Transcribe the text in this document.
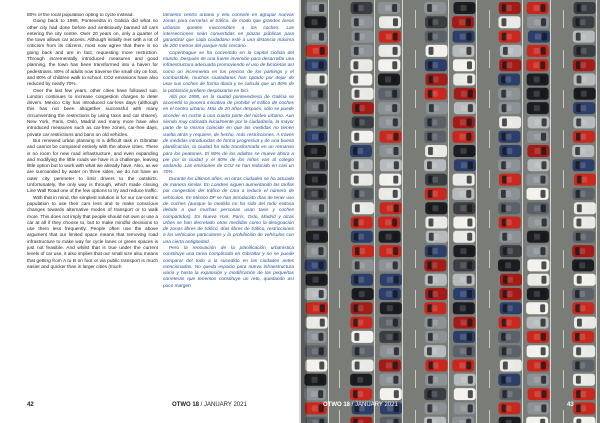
80% of the local population opting to cycle instead.

Going back to 1998, Pontevedra in Galicia did what no other city had done before and ambitiously banned all cars entering the city centre. Over 20 years on, only a quarter of the town allows car access. Although initially met with a lot of criticism from its citizens, most now agree that there is no going back and are in fact, requesting more restriction. Through incrementally introduced measures and good planning, the town has been transformed into a haven for pedestrians. 80% of adults now traverse the small city on foot, and 80% of children walk to school. CO2 emissions have also reduced by nearly 70%.

Over the last few years, other cities have followed suit. London continues to increase congestion charges to deter drivers. Mexico City has introduced car-less days (although this has not been altogether successful with many circumventing the restrictions by using taxis and car shares). New York, Paris, Oslo, Madrid and many more have also introduced measures such as car-free zones, car-free days, private car restrictions and bans on old vehicles.

But renewed urban planning is a difficult task in Gibraltar and cannot be compared entirely with the above cities. There is no room for new road infrastructure, and even expanding and modifying the little roads we have is a challenge, leaving little option but to work with what we already have. Also, as we are surrounded by water on three sides, we do not have an outer city perimeter to limit drivers to the outskirts. Unfortunately, the only way is through, which made closing Line Wall Road one of the few options to try and reduce traffic.

With that in mind, the simplest solution is for our car-centric population to use their cars less and to make conscious changes towards alternative modes of transport or to walk more. This does not imply that people should not own or use a car at all if they choose to, but to make mindful decisions to use them less frequently. People often use the above argument that our limited space means that removing road infrastructure to make way for cycle lanes or green spaces is just not feasible. And whilst that is true under the current levels of car use, it also implies that our small size also means that getting from A to B on foot or via public transport is much easier and quicker than in larger cities (much

tamiento centro urbano y elío consiste en agrupar nuevas zonas para cerrarlas al tráfico, de modo que grandes áreas urbanas queden inaccesibles a los coches. Las intersecciones seán convertidas en plazas públicas para garantizar que cada ciudadano esté a una distancia máxima de 200 metros del parque más cercano.

Copenhague se ha convertido en la capital ciclista del mundo. Después de una fuerte inversión para desarrollar una infraestructura adecuada promoviendo el uso de bicicletas así como un incremento en los precios de los parkings y el combustible, muchos ciudadanos han optado por dejar de usar sus coches de forma diaria y se calcula que un 80% de la población prefiere desplazarse en bici.

Allá por 1998, en la ciudad pontevedresa de Galicia se acometió la pionera iniciativa de prohibir el tráfico de coches en el centro urbano. Más de 20 años después, sólo se puede acceder en coche a una cuarta parte del núcleo urbano. Aun siendo muy criticada inicialmente por la ciudadanía, la mayor parte de la misma coincide en que las medidas no tienen vuelta atrás y requiere, de hecho, más restricciones. A través de medidas introducidas de forma progresiva y de una buena planificación, la ciudad ha sido transformada en un remanso para los peatones. El 80% de los adultos se mueve ahora a pie por la ciudad y el 80% de los niños van al colegio andando. Las emisiones de CO2 se han reducido en casi un 70%.

Durante los últimos años, en otras ciudades se ha actuado de manera similar. En Londres siguen aumentando las tarifas por congestión del tráfico de cara a reducir el número de vehículos. En México DF se han introducido días de tener uso de coches (aunque la medida no ha sido del todo exitosa debido a que muchas personas usan taxis y coches compartidos). En Nueva York, París, Oslo, Madrid y otras urbes se han decretado otras medidas como la designación de zonas libres de tráfico, días libres de tráfico, restricciones a los vehículos particulares y la prohibición de vehículos con una cierta antigüedad.

Pero la renovación de la planificación urbanística constituye una tarea complicada en Gibraltar y no se puede comparar del todo a la sucedido en las ciudades antes mencionadas. No queda espacio para nueva infraestructura viaria y hasta la expansión y modificación de las pequeñas carreteras que tenemos constituye un reto, quedando así poco margen

42	OTWO 18 / JANUARY 2021	OTWO 18 / JANUARY 2021	43
